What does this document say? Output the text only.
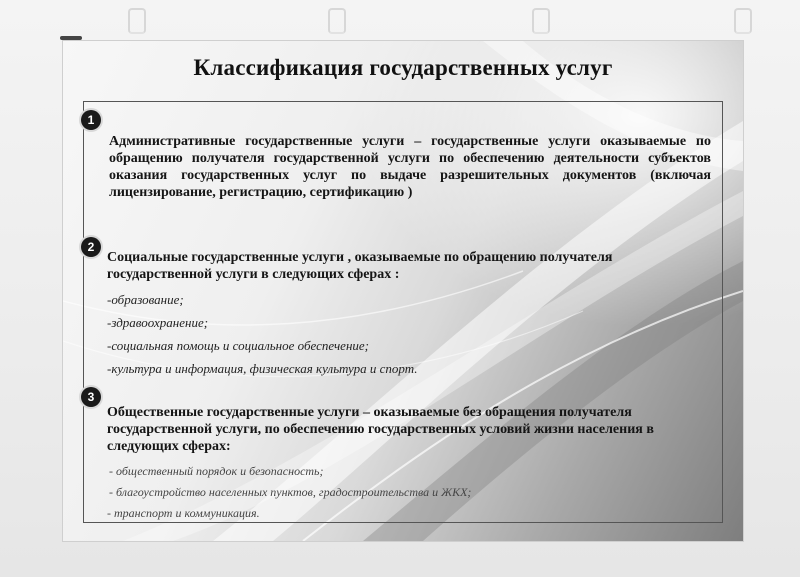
Классификация государственных услуг
1
Административные государственные услуги – государственные услуги оказываемые по обращению получателя государственной услуги по обеспечению деятельности субъектов оказания государственных услуг по выдаче разрешительных документов (включая лицензирование, регистрацию, сертификацию )
2
Социальные государственные услуги , оказываемые по обращению получателя государственной услуги в следующих сферах :
-образование;
-здравоохранение;
-социальная помощь и социальное обеспечение;
-культура и информация, физическая культура и спорт.
3
Общественные государственные услуги – оказываемые без обращения получателя государственной услуги, по обеспечению государственных условий жизни населения в следующих сферах:
- общественный порядок и безопасность;
- благоустройство населенных пунктов, градостроительства и ЖКХ;
- транспорт и коммуникация.
